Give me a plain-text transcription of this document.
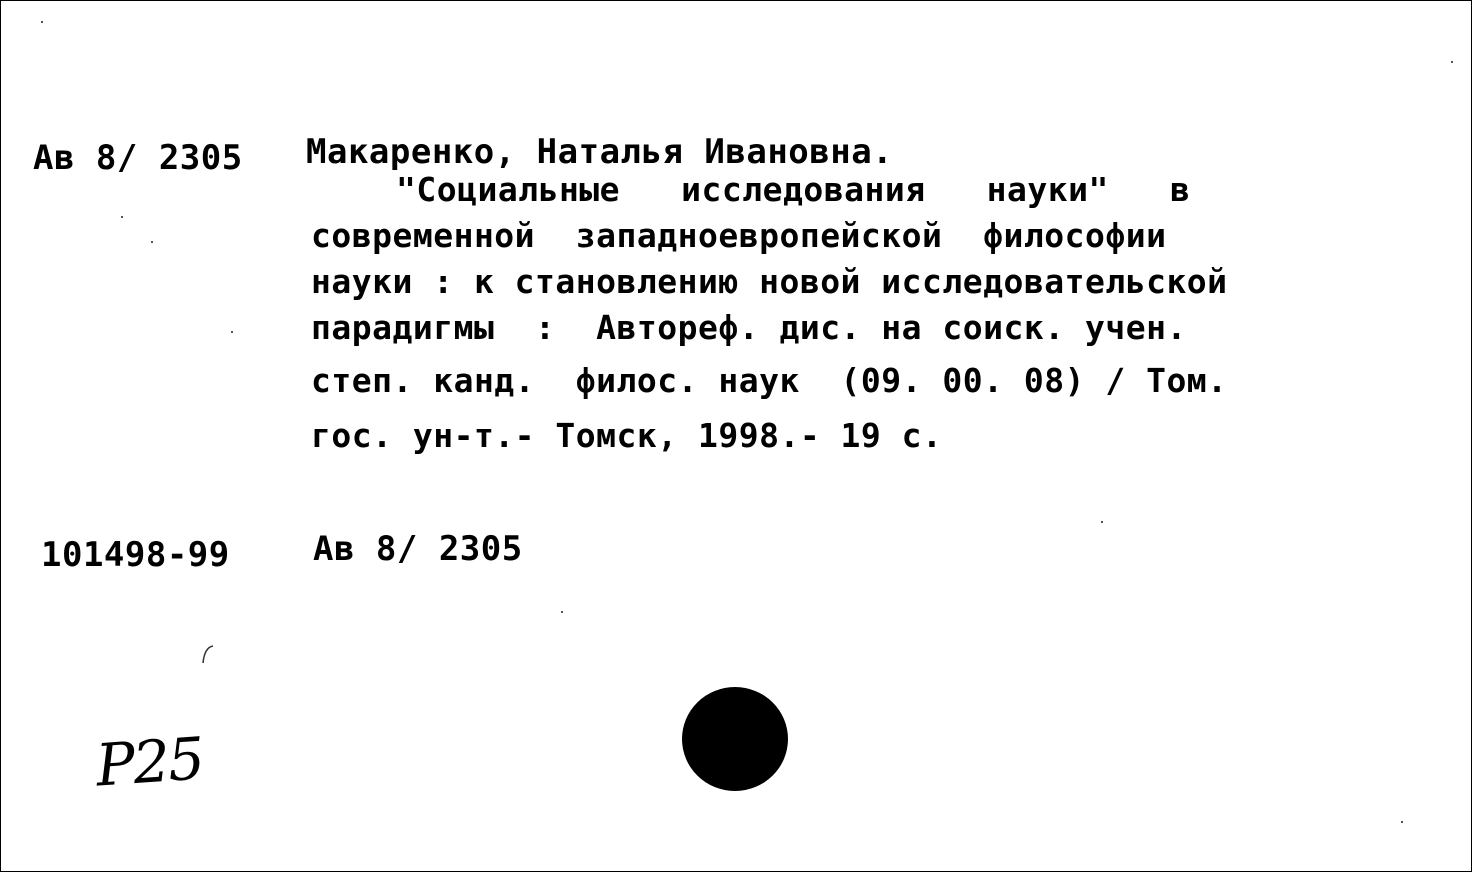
Ав 8/ 2305 Макаренко, Наталья Ивановна.
"Социальные   исследования   науки"   в
современной  западноевропейской  философии
науки : к становлению новой исследовательской
парадигмы  :  Автореф. дис. на соиск. учен.
степ. канд.  филос. наук  (09. 00. 08) / Том.
гос. ун-т.- Томск, 1998.- 19 с.
101498-99 Ав 8/ 2305
P25
